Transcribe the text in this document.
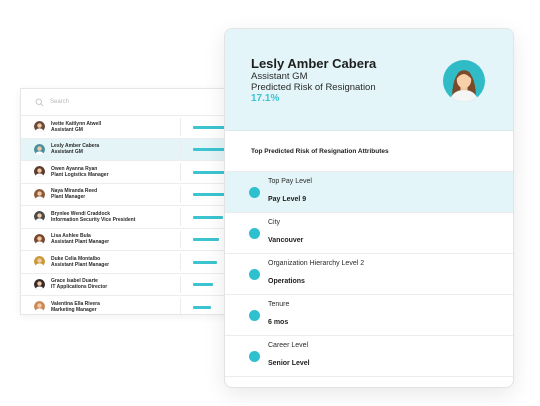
Search
Ivette Kaitlynn Atwell
Assistant GM
Lesly Amber Cabera
Assistant GM
Owen Ayanna Ryan
Plant Logistics Manager
Naya Miranda Reed
Plant Manager
Brynlee Wendi Craddock
Information Security Vice President
Lisa Ashlee Bula
Assistant Plant Manager
Duke Celia Montalbo
Assistant Plant Manager
Grace Isabel Duarte
IT Applications Director
Valentina Ella Rivera
Marketing Manager
Lesly Amber Cabera
Assistant GM
Predicted Risk of Resignation
17.1%
Top Predicted Risk of Resignation Attributes
Top Pay Level
Pay Level 9
City
Vancouver
Organization Hierarchy Level 2
Operations
Tenure
6 mos
Career Level
Senior Level
